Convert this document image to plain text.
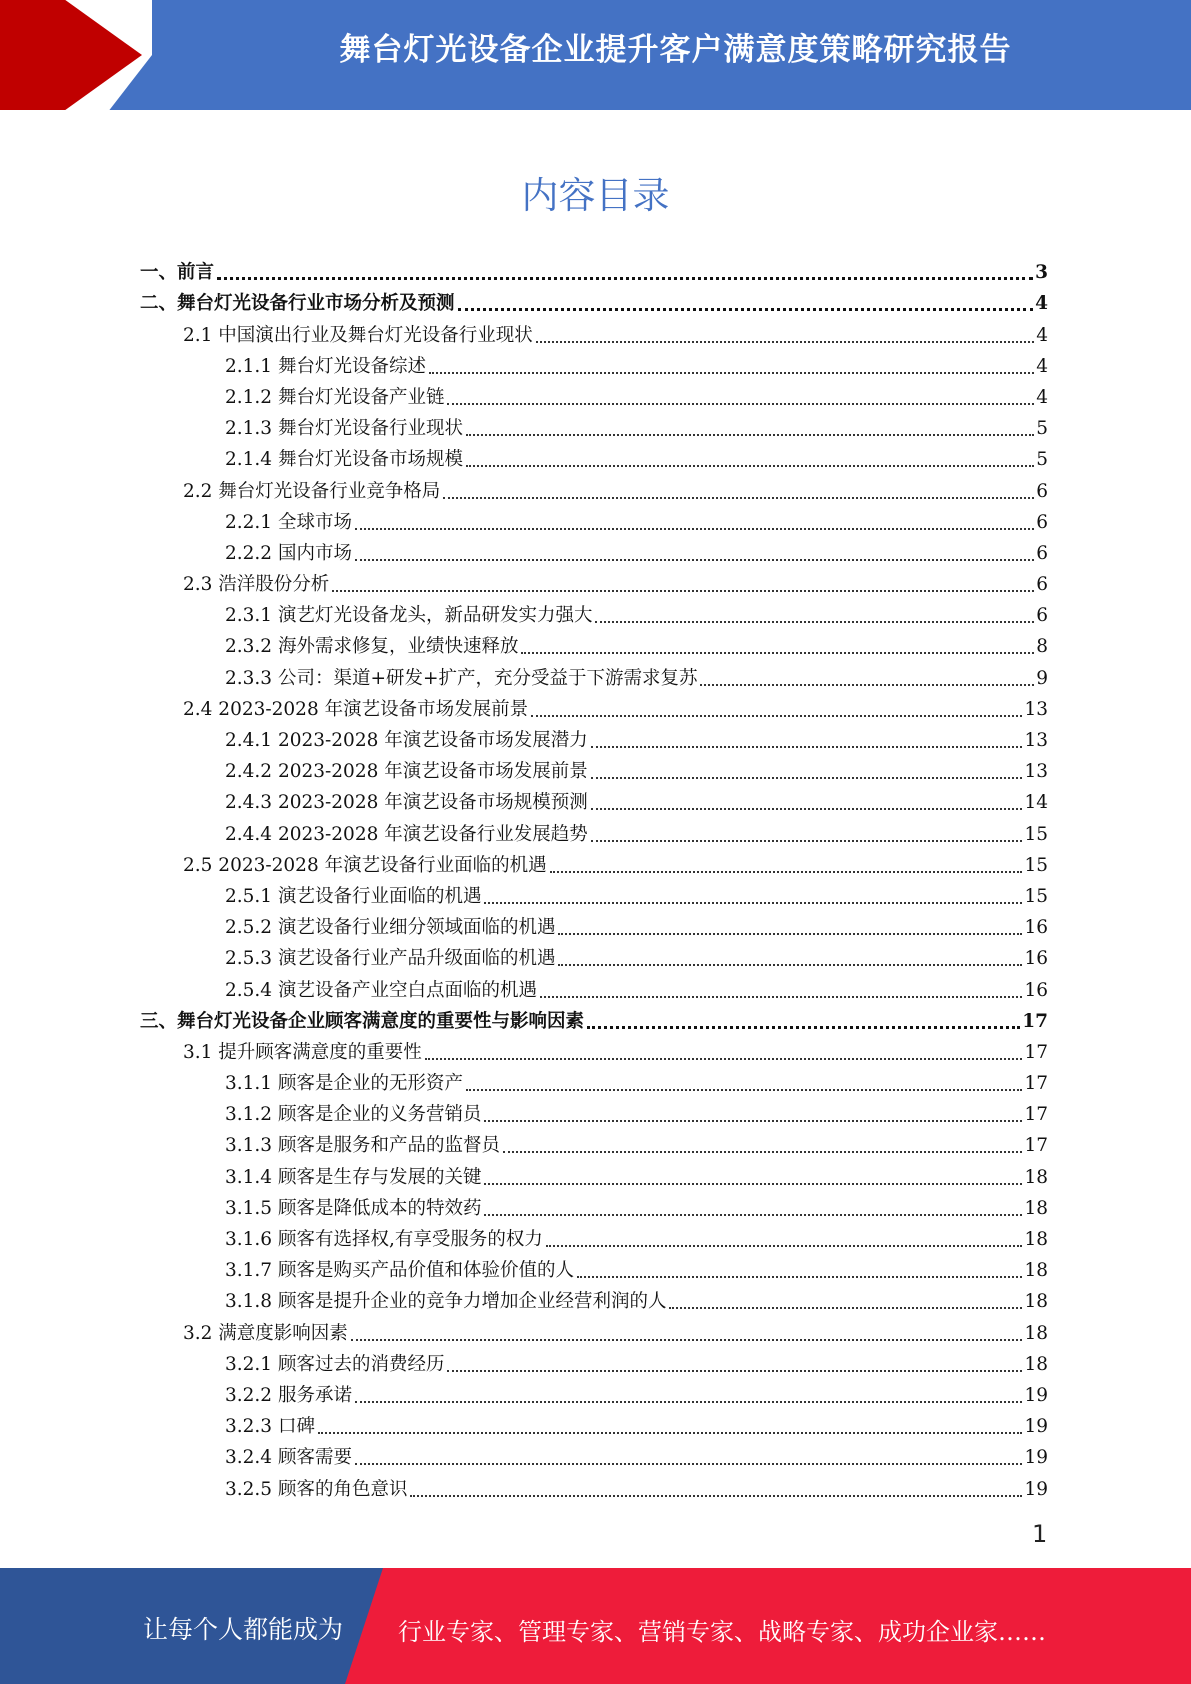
舞台灯光设备企业提升客户满意度策略研究报告
内容目录
一、前言	3
二、舞台灯光设备行业市场分析及预测	4
2.1 中国演出行业及舞台灯光设备行业现状	4
2.1.1 舞台灯光设备综述	4
2.1.2 舞台灯光设备产业链	4
2.1.3 舞台灯光设备行业现状	5
2.1.4 舞台灯光设备市场规模	5
2.2 舞台灯光设备行业竞争格局	6
2.2.1 全球市场	6
2.2.2 国内市场	6
2.3 浩洋股份分析	6
2.3.1 演艺灯光设备龙头，新品研发实力强大	6
2.3.2 海外需求修复，业绩快速释放	8
2.3.3 公司：渠道+研发+扩产，充分受益于下游需求复苏	9
2.4 2023-2028 年演艺设备市场发展前景	13
2.4.1 2023-2028 年演艺设备市场发展潜力	13
2.4.2 2023-2028 年演艺设备市场发展前景	13
2.4.3 2023-2028 年演艺设备市场规模预测	14
2.4.4 2023-2028 年演艺设备行业发展趋势	15
2.5 2023-2028 年演艺设备行业面临的机遇	15
2.5.1 演艺设备行业面临的机遇	15
2.5.2 演艺设备行业细分领域面临的机遇	16
2.5.3 演艺设备行业产品升级面临的机遇	16
2.5.4 演艺设备产业空白点面临的机遇	16
三、舞台灯光设备企业顾客满意度的重要性与影响因素	17
3.1 提升顾客满意度的重要性	17
3.1.1 顾客是企业的无形资产	17
3.1.2 顾客是企业的义务营销员	17
3.1.3 顾客是服务和产品的监督员	17
3.1.4 顾客是生存与发展的关键	18
3.1.5 顾客是降低成本的特效药	18
3.1.6 顾客有选择权,有享受服务的权力	18
3.1.7 顾客是购买产品价值和体验价值的人	18
3.1.8 顾客是提升企业的竞争力增加企业经营利润的人	18
3.2 满意度影响因素	18
3.2.1 顾客过去的消费经历	18
3.2.2 服务承诺	19
3.2.3 口碑	19
3.2.4 顾客需要	19
3.2.5 顾客的角色意识	19
1
让每个人都能成为 行业专家、管理专家、营销专家、战略专家、成功企业家……
